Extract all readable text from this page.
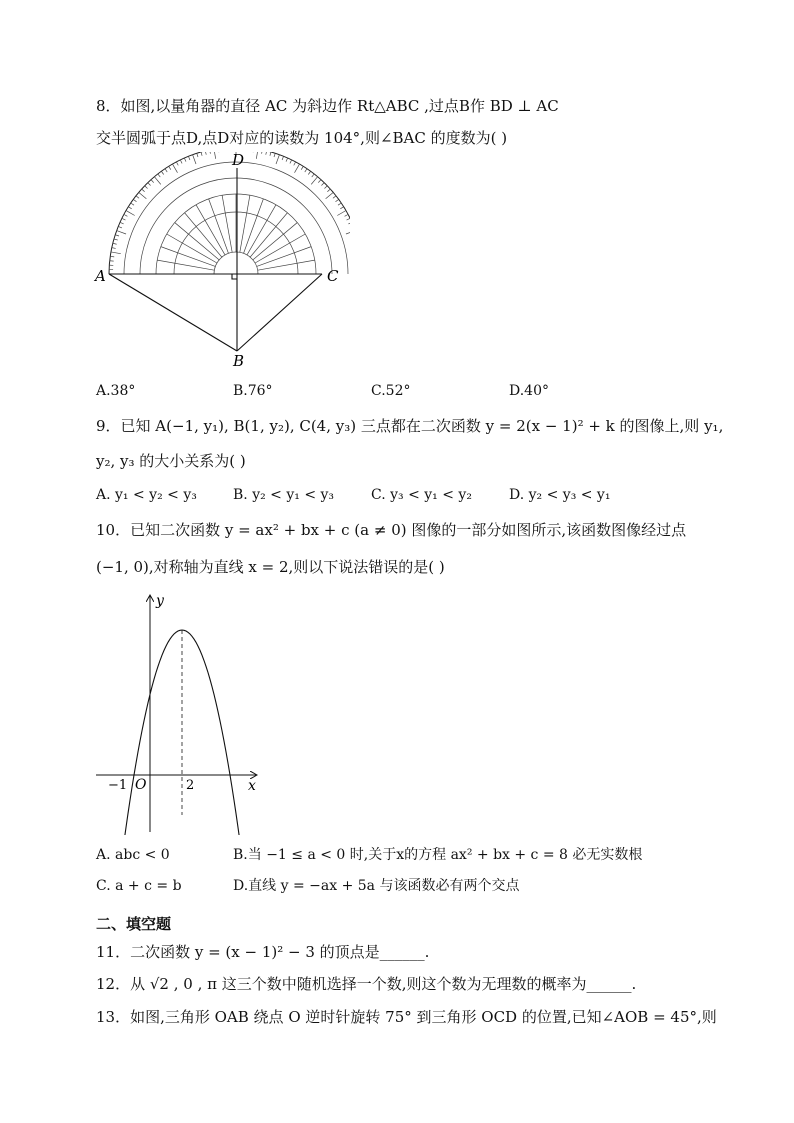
8．如图,以量角器的直径 AC 为斜边作 Rt△ABC ,过点B作 BD ⊥ AC
交半圆弧于点D,点D对应的读数为 104°,则∠BAC 的度数为( )
A	C
B
D
A.38°	B.76°	C.52°	D.40°
9．已知 A(−1, y₁), B(1, y₂), C(4, y₃) 三点都在二次函数 y = 2(x − 1)² + k 的图像上,则 y₁,
y₂, y₃ 的大小关系为( )
A. y₁ < y₂ < y₃	B. y₂ < y₁ < y₃	C. y₃ < y₁ < y₂	D. y₂ < y₃ < y₁
10．已知二次函数 y = ax² + bx + c (a ≠ 0) 图像的一部分如图所示,该函数图像经过点
(−1, 0),对称轴为直线 x = 2,则以下说法错误的是( )
y
x
O
−1	2
A. abc < 0	B.当 −1 ≤ a < 0 时,关于x的方程 ax² + bx + c = 8 必无实数根
C. a + c = b	D.直线 y = −ax + 5a 与该函数必有两个交点
二、填空题
11．二次函数 y = (x − 1)² − 3 的顶点是______.
12．从 √2 , 0 , π 这三个数中随机选择一个数,则这个数为无理数的概率为______.
13．如图,三角形 OAB 绕点 O 逆时针旋转 75° 到三角形 OCD 的位置,已知∠AOB = 45°,则
